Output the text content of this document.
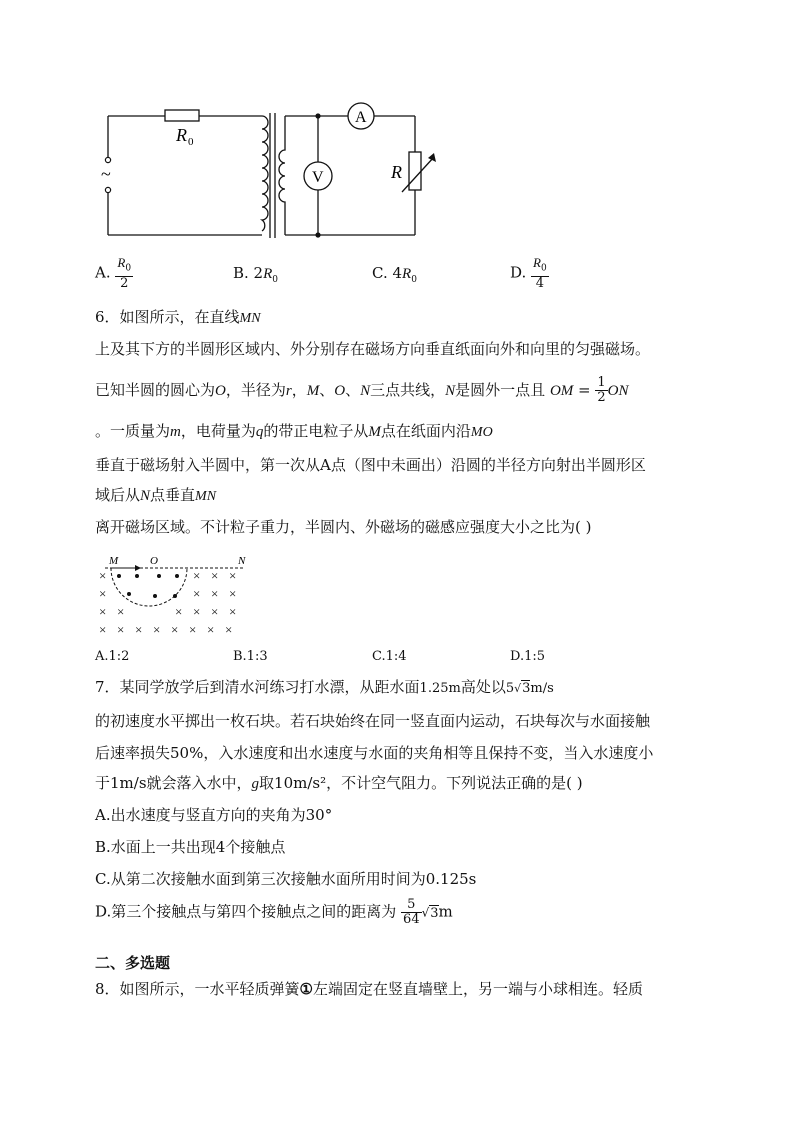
~
R 0
A
V	R
A. $\frac{R_0}{2}$	B. $2R_0$	C. $4R_0$	D. $\frac{R_0}{4}$
6．如图所示，在直线MN
上及其下方的半圆形区域内、外分别存在磁场方向垂直纸面向外和向里的匀强磁场。
已知半圆的圆心为O，半径为r，M、O、N三点共线，N是圆外一点且 OM = $\frac{1}{2}$ ON
。一质量为m，电荷量为q的带正电粒子从M点在纸面内沿MO
垂直于磁场射入半圆中，第一次从A点（图中未画出）沿圆的半径方向射出半圆形区
域后从N点垂直MN
离开磁场区域。不计粒子重力，半圆内、外磁场的磁感应强度大小之比为( )
M	O	N
×	× × ×
×	× × ×
× ×	× × × ×
× × × × × × × ×
A.1:2	B.1:3	C.1:4	D.1:5
7．某同学放学后到清水河练习打水漂，从距水面1.25m高处以5√3m/s
的初速度水平掷出一枚石块。若石块始终在同一竖直面内运动，石块每次与水面接触
后速率损失50%，入水速度和出水速度与水面的夹角相等且保持不变，当入水速度小
于1m/s就会落入水中，g取10m/s²，不计空气阻力。下列说法正确的是( )
A.出水速度与竖直方向的夹角为30°
B.水面上一共出现4个接触点
C.从第二次接触水面到第三次接触水面所用时间为0.125s
D.第三个接触点与第四个接触点之间的距离为 $\frac{5}{64} √3m$
二、多选题
8．如图所示，一水平轻质弹簧①左端固定在竖直墙壁上，另一端与小球相连。轻质
